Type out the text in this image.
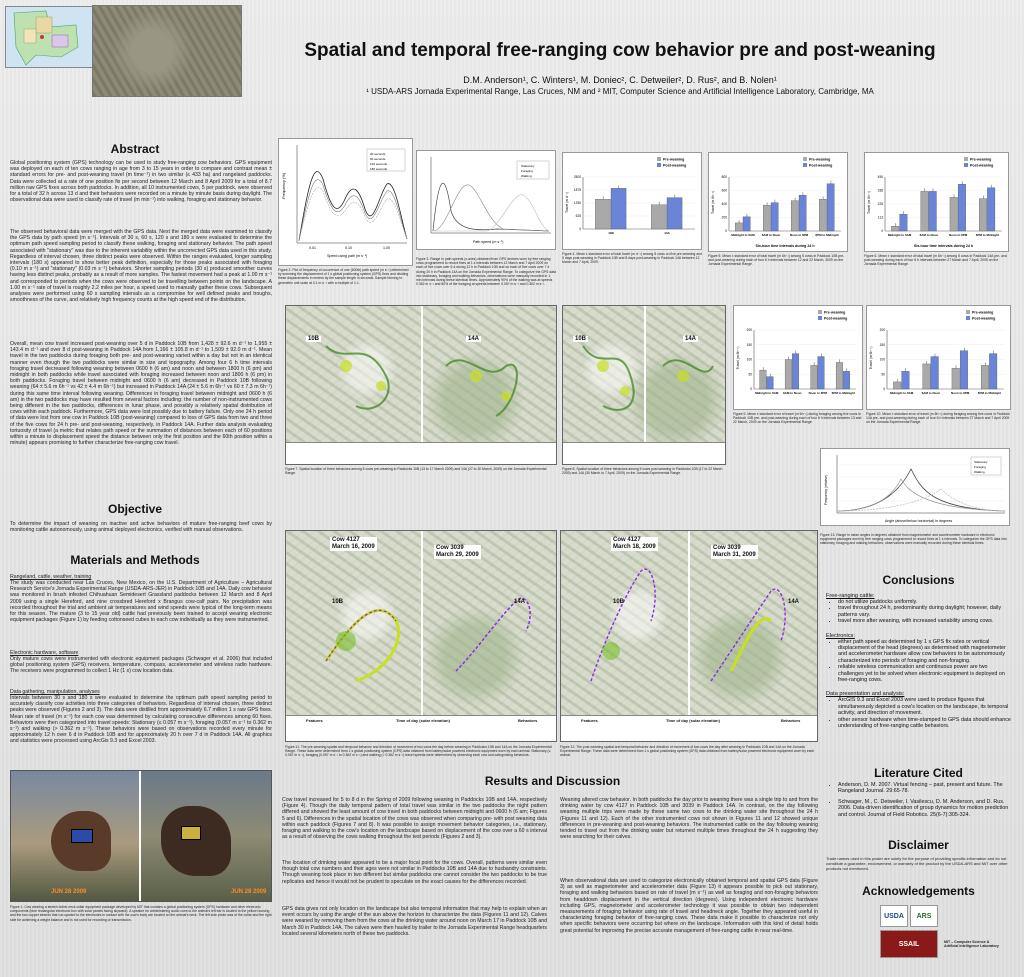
Spatial and temporal free-ranging cow behavior pre and post-weaning
D.M. Anderson¹, C. Winters¹, M. Doniec², C. Detweiler², D. Rus², and B. Nolen¹
¹ USDA-ARS Jornada Experimental Range, Las Cruces, NM and ² MIT, Computer Science and Artificial Intelligence Laboratory, Cambridge, MA
Abstract
Global positioning system (GPS) technology can be used to study free-ranging cow behaviors. GPS equipment was deployed on each of ten cows ranging in age from 3 to 15 years in order to compare and contrast mean ± standard errors for pre- and post-weaning travel (m time⁻¹) in two similar (≤ 433 ha) and rangeland paddocks. Data were collected at a rate of one position fix per second between 12 March and 8 April 2009 for a total of 8.7 million raw GPS fixes across both paddocks. In addition, all 10 instrumented cows, 5 per paddock, were observed for a total of 32 h across 13 d and their behaviors were recorded on a minute by minute basis during daylight. The observational data were used to classify rate of travel (m min⁻¹) into walking, foraging and stationary behavior.
The observed behavioral data were merged with the GPS data. Next the merged data were examined to classify the GPS data by path speed (m s⁻¹). Intervals of 30 s, 60 s, 120 s and 180 s were evaluated to determine the optimum path speed sampling period to classify these walking, foraging and stationary behavior. The path speed associated with "stationary" was due to the inherent variability within the uncorrected GPS data used in this study. Regardless of interval chosen, three distinct peaks were observed. Within the ranges evaluated, longer sampling intervals (180 s) appeared to show better peak definition, especially for those peaks associated with foraging (0.10 m s⁻¹) and "stationary" (0.03 m s⁻¹) behaviors. Shorter sampling periods (30 s) produced smoother curves having less distinct peaks, probably as a result of more samples. The fastest movement had a peak at 1.00 m s⁻¹ and corresponded to periods when the cows were observed to be travelling between points on the landscape. A 1.00 m s⁻¹ rate of travel is roughly 2.2 miles per hour, a speed used to manually gather these cows. Subsequent analyses were performed using 60 s sampling intervals as a compromise for well defined peaks and troughs, smoothness of the curve, and relatively high frequency counts at the high speed end of the distribution.
Overall, mean cow travel increased post-weaning over 5 d in Paddock 10B from 1,428 ± 92.6 m d⁻¹ to 1,955 ± 143.4 m d⁻¹ and over 8 d post-weaning in Paddock 14A from 1,166 ± 105.8 m d⁻¹ to 1,509 ± 92.0 m d⁻¹. Mean travel in the two paddocks during foraging both pre- and post-weaning varied within a day but not in an identical manner even though the two paddocks were similar in size and topography. Among four 6 h time intervals foraging travel decreased following weaning between 0600 h (6 am) and noon and between 1800 h (6 pm) and midnight in both paddocks while travel associated with foraging increased between noon and 1800 h (6 pm) in both paddocks. Foraging travel between midnight and 0600 h (6 am) decreased in Paddock 10B following weaning (64 ± 5.6 m 6h⁻¹ vs 42 ± 4.4 m 6h⁻¹) but increased in Paddock 14A (24 ± 5.6 m 6h⁻¹ vs 60 ± 7.3 m 6h⁻¹) during this same time interval following weaning. Differences in foraging travel between midnight and 0600 h (6 am) in the two paddocks may have resulted from several factors including: the number of non-instrumented cows being different in the two paddocks, differences in lunar phase, and possibly a relatively spatial distribution of cows within each paddock. Furthermore, GPS data were lost possibly due to battery failure. Only one 24 h period of data were lost from one cow in Paddock 10B (post-weaning) compared to loss of GPS data from two and three of the five cows for 24 h pre- and post-weaning, respectively, in Paddock 14A. Further data analysis evaluating tortuosity of travel (a metric that relates path speed or the summation of distances between each of 60 positions within a minute to displacement speed the distance between only the first position and the 60th position within a minute) appears promising to further characterize free-ranging cow travel.
Objective
To determine the impact of weaning on inactive and active behaviors of mature free-ranging beef cows by monitoring cattle autonomously, using animal deployed electronics, verified with manual observations.
Materials and Methods
Rangeland, cattle, weather, training
The study was conducted near Las Cruces, New Mexico, on the U.S. Department of Agriculture – Agricultural Research Service's Jornada Experimental Range (USDA-ARS-JER) in Paddock 10B and 14A. Daily cow behavior was monitored in brush infested Chihuahuan Semidesert Grassland paddocks between 12 March and 8 April 2009 using a single Hereford, and nine crossbred Hereford x Brangus cow-calf pairs. No precipitation was recorded throughout the trial and ambient air temperatures and wind speeds were typical of the long-term means for this season. The mature (3 to 15 year old) cattle had previously been trained to accept wearing electronic equipment packages (Figure 1) by feeding cottonseed cubes to each cow individually as they were instrumented.
Electronic hardware, software
Only mature cows were instrumented with electronic equipment packages (Schwager et al. 2006) that included global positioning system (GPS) receivers, temperature, compass, accelerometer and wireless radio hardware. The receivers were programmed to collect 1 Hz (1 s) cow location data.
Data gathering, manipulation, analyses
Intervals between 30 s and 180 s were evaluated to determine the optimum path speed sampling period to accurately classify cow activities into three categories of behaviors. Regardless of interval chosen, three distinct peaks were observed (Figures 2 and 3). The data were distilled from approximately 6.7 million 1 s raw GPS fixes. Mean rate of travel (m s⁻¹) for each cow was determined by calculating consecutive differences among 60 fixes. Behaviors were then categorized into travel speeds: Stationary (≤ 0.057 m s⁻¹), foraging (0.057 m s⁻¹ to 0.362 m s⁻¹) and walking (> 0.362 m s⁻¹). These behaviors were based on observations recorded every minute for approximately 12 h over 6 d in Paddock 10B and for approximately 20 h over 7 d in Paddock 14A. All graphics and statistics were processed using ArcGis 9.3 and Excel 2003.
JUN 28 2009	JUN 28 2009
Figure 1. Cow wearing a stretch-fabric neck collar equipment package developed by MIT that contains a global positioning system (GPS) hardware and other electronic components (blue rectangular electronic box with solar panels facing skyward). A speaker for administering audio cues to the animal's left ear is located to the yellow housing and the two copper strands that run upward to the electrodes in contact with the cow's body are located on the animal's neck. The left side photo was of the collar and the right side for achieving a weight balance and is not used for recording or transmission.
Frequency (%)
0.01	0.10	1.00
Speed using path (m s⁻¹)
30 seconds
60 seconds
120 seconds
180 seconds
Figure 2. Plot of frequency of occurrence of one (600th) path speed (m s⁻¹) determined by summing the displacement of 1 s global positioning system (GPS) fixes and dividing these displacements in meters by the sample length in seconds. Sample binning to geometric unit scale at 0.1 m s⁻¹ with a multiple of 1.1.
Stationary
Foraging
Walking
Path speed (m s⁻¹)
Figure 3. Range in path speeds (x-axes) obtained from GPS devices worn by free ranging cows programmed to record fixes at 1 s intervals between 12 March and 7 April 2009 on each of five cows over 6 d during 12 h in Paddock 10B and on each of five cows over 7 d during 20 h in Paddock 14A on the Jornada Experimental Range. To categorize the GPS data into stationary, foraging and walking behaviors, observations were manually recorded in 1 min intervals during these identical times. Approximately 90% of the walking was at speeds 0.362 m s⁻¹ and 80% of the foraging at speeds between 0.057 m s⁻¹ and 0.362 m s⁻¹.
0
625
1250
1875
2500
Pre-weaning
Post-weaning
10B	14A
Travel (m d⁻¹)
Figure 4. Mean ± standard error of total travel (m d⁻¹) among 5 cows on five pre-weaning and 5 days post-weaning in Paddock 10B and 8 days post-weaning in Paddock 14A between 12 March and 7 April, 2009.
0
200
400
600
800
Pre-weaning
Post-weaning
Midnight to 6AM 6AM to Noon	Noon to 6PM 6PM to Midnight
Travel (m 6h⁻¹)
Six-hour time intervals during 24 h
Figure 5. Mean ± standard error of total travel (m 6h⁻¹) among 5 cows in Paddock 10B pre- and post-weaning during each of four 6 h intervals between 12 and 22 March, 2009 on the Jornada Experimental Range.
0
113
225
338
450
Pre-weaning
Post-weaning
Midnight to 6AM	6AM to Noon	Noon to 6PM	6PM to Midnight
Travel (m 6h⁻¹)
Six-hour time intervals during 24 h
Figure 6. Mean ± standard error of total travel (m 6h⁻¹) among 5 cows in Paddock 14A pre- and post-weaning during each of four 6 h intervals between 27 March and 7 April, 2009 on the Jornada Experimental Range.
10B	14A
Figure 7. Spatial location of three behaviors among 5 cows pre-weaning in Paddocks 10B (13 to 17 March 2009) and 14A (27 to 30 March, 2009) on the Jornada Experimental Range.
10B	14A
Figure 8. Spatial location of three behaviors among 5 cows post-weaning in Paddocks 10B (17 to 22 March 2009) and 14A (30 March to 7 April, 2009) on the Jornada Experimental Range.
0
50
100
150
200
Pre-weaning
Post-weaning
Midnight to 6AM 6AM to Noon Noon to 6PM 6PM to Midnight
Travel (m 6h⁻¹)
Figure 9. Mean ± standard error of travel (m 6h⁻¹) during foraging among five cows in Paddock 10B pre- and post-weaning during each of four 6 h intervals between 13 and 22 March, 2009 on the Jornada Experimental Range.
0
50
100
150
200
Pre-weaning
Post-weaning
Midnight to 6AM	6AM to Noon	Noon to 6PM	6PM to Midnight
Travel (m 6h⁻¹)
Figure 10. Mean ± standard error of travel (m 6h⁻¹) during foraging among five cows in Paddock 14A pre- and post-weaning during each of four 6 h intervals between 27 March and 7 April 2009 on the Jornada Experimental Range.
Stationary
Foraging
Walking
Angle (above/below horizontal) in degrees
Frequency (relative)
Figure 13. Range in mean angles in degrees obtained from magnetometer and accelerometer hardware in electronic equipment packages worn by free ranging cows programmed to record fixes at 1 s intervals. To categorize the GPS data into stationary, foraging and walking behaviors, observations were manually recorded during these identical times.
Cow 4127
March 16, 2009	Cow 3039
March 29, 2009
10B	14A
Features	Time of day (solar elevation)	Behaviors
Figure 11. The pre-weaning spatial and temporal behavior and direction of movement of two cows the day before weaning in Paddocks 10B and 14A on the Jornada Experimental Range. These data were determined from 1 s global positioning system (GPS) data obtained from battery/solar powered electronic equipment worn by each animal. Stationary (≤ 0.057 m s⁻¹), foraging (0.057 m s⁻¹ to 0.362 m s⁻¹) and walking (> 0.362 m s⁻¹) travel speeds were determined by observing each cow and categorizing behaviors.
Cow 4127
March 18, 2009	Cow 3039
March 31, 2009
10B	14A
Features	Time of day (solar elevation)	Behaviors
Figure 12. The post-weaning spatial and temporal behavior and direction of movement of two cows the day after weaning in Paddocks 10B and 14A on the Jornada Experimental Range. These data were determined from 1 s global positioning system (GPS) data obtained from battery/solar powered electronic equipment worn by each animal.
Conclusions
Free-ranging cattle:
• do not utilize paddocks uniformly.
• travel throughout 24 h, predominantly during daylight; however, daily patterns vary.
• travel more after weaning, with increased variability among cows.
Electronics:
• either path speed as determined by 1 s GPS fix rates or vertical displacement of the head (degrees) as determined with magnetometer and accelerometer hardware allow cow behaviors to be autonomously characterized into periods of foraging and non-foraging.
• reliable wireless communication and continuous power are two challenges yet to be solved when electronic equipment is deployed on free-ranging cows.
Data presentation and analysis:
• ArcGIS 9.3 and Excel 2003 were used to produce figures that simultaneously depicted a cow's location on the landscape, its temporal activity, and direction of movement.
• other sensor hardware when time-stamped to GPS data should enhance understanding of free-ranging cattle behaviors.
Literature Cited
• Anderson, D. M. 2007. Virtual fencing – past, present and future. The Rangeland Journal. 29:65-78.
• Schwager, M., C. Detweiler, I. Vasilescu, D. M. Anderson, and D. Rus. 2006. Data-driven identification of group dynamics for motion prediction and control. Journal of Field Robotics. 25(6-7):305-324.
Disclaimer
Trade names used in this poster are solely for the purpose of providing specific information and do not constitute a guarantee, endorsement, or warranty of the product by the USDA-ARS and MIT over other products not mentioned.
Acknowledgements
USDA	ARS
SSAIL	MIT – Computer Science & Artificial Intelligence Laboratory
Results and Discussion
Cow travel increased for 5 to 8 d in the Spring of 2009 following weaning in Paddocks 10B and 14A, respectively (Figure 4). Though the daily temporal pattern of total travel was similar in the two paddocks the night pattern differed and showed the least amount of cow travel in both paddocks between midnight and 0600 h (6 am; Figures 5 and 6). Differences in the spatial location of the cows was observed when comparing pre- with post weaning data within each paddock (Figures 7 and 8). It was possible to assign movement behavior categories, i.e., stationary, foraging and walking to the cow's location on the landscape based on displacement of the cow over a 60 s interval as a result of observing the cows walking throughout the test periods (Figures 2 and 3).
The location of drinking water appeared to be a major focal point for the cows. Overall, patterns were similar even though total cow numbers and their ages were not similar in Paddocks 10B and 14A due to husbandry constraints. Though weaning took place in two different but similar paddocks one cannot consider the two paddocks to be true replicates and hence it would not be prudent to speculate on the exact causes for the differences recorded.
GPS data gives not only location on the landscape but also temporal information that may help to explain when an event occurs by using the angle of the sun above the horizon to characterize the data (Figures 11 and 12). Calves were weaned by removing them from the cows at the drinking water around noon on March 17 in Paddock 10B and March 30 in Paddock 14A. The calves were then hauled by trailer to the Jornada Experimental Range headquarters located several kilometers north of these two paddocks.
Weaning altered cow behavior. In both paddocks the day prior to weaning there was a single trip to and from the drinking water by cow 4127 in Paddock 10B and 3039 in Paddock 14A. In contrast, on the day following weaning multiple trips were made by these same two cows to the drinking water site throughout the 24 h (Figures 11 and 12). Each of the other instrumented cows not shown in Figures 11 and 12 showed unique differences in pre-weaning and post-weaning behaviors. The instrumented cattle on the day following weaning tended to travel out from the drinking water but returned multiple times throughout the 24 h suggesting they were searching for their calves.
When observational data are used to categorize electronically obtained temporal and spatial GPS data (Figure 3) as well as magnetometer and accelerometer data (Figure 13) it appears possible to pick out stationary, foraging and walking behaviors based on rate of travel (m s⁻¹) as well as foraging and non-foraging behaviors from headdown displacement in the vertical direction (degrees). Using independent electronic hardware including GPS, magnetometer and accelerometer technology it was possible to obtain two independent measurements of foraging behavior using rate of travel and headneck angle. Together they appeared useful in characterizing foraging behavior of free-ranging cows. These data make it possible to characterize not only when specific behaviors were occurring but where on the landscape. Information with this kind of detail holds great potential for improving the precise accurate management of free-ranging cattle in near real-time.
